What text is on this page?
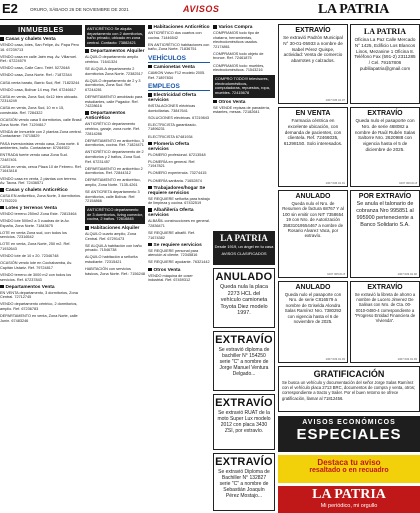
E2	ORURO, SÁBADO 26 DE NOVIEMBRE DE 2021	AVISOS	LA PATRIA
INMUEBLES
Casas y chalets Venta
VENDO casa, lotes, San Felipe, Av. Papa Pero 16. 67239713
VENDO casa en calle Jaén esq. Av. Villarroel. Ref.: 67224579
VENDO casa, Calle Caro. Teléf. 5272648
VENDO casa, Zona Norte. Ref.: 71872344
CASA venta barato, Barrio Sud, Ref. 71823244
VENDO casa, Bolívar 14 esq. Ref. 67246617
CASA en venta, Zona Sud, 6x12 bien ubicado. 72314249
CASA en venta, Zona Sud, 10 m x 15, construida. Ref. 7284322
OCASIÓN vendo casa 5 dormitorios, calle Brasil Zona Norte. Ref: 71294617
VENDA de Inmueble con 2 plantas Zona central. Contactarse: 74715829
PASA inversionistas vendo casa, Zona norte. 6 ambientes, baño. Contactarse: 67264922
ENTRADA fuerte vendo casa Zona Sud. 72487401
CASA en venta, cerca Plaza 10 de Febrero. Ref. 71643418
VENDO casa en venta, 2 plantas con terreno. Av. Tacna. Ref. 72436571
Casas y chalets Anticrético
CASA EN anticrético, Zona Norte, 3 dormitorios. 71752220
Lotes y terrenos Venta
VENDO terreno 250m2 Zona Este. 72813464
VENDO lote 500m2 a 3 cuadras de la Av. España, Zona Norte. 71843675
LOTE en venta Zona sud, con todos los servicios. 72316542
LOTE en venta, Zona Norte, 250 m2. Ref. 71932643
VENDO lote de 10 x 20. 72346748
OCASIÓN vendo lote en Cochabamba, Av. Capitán Ustariz. Ref. 79724817
VENDO terreno de 3000 m2 con todos los servicios. Ref. 67237843
Departamentos Venta
EN VENTA departamento, 3 dormitorios, Zona Central. 72712745
VENDO departamento céntrico, 2 dormitorios, amplio. Ref. 67236783
DEPARTAMENTO en venta, Zona Norte, calle Junín. 67483246
ANTICRÉTICO Se alquila departamento con 2 dormitorios, baño privado, ubicado en zona central. Contacto: 73882421
Departamentos Alquiler
ALQUILO departamento amplio céntrico. 71641324
SE ALQUILA departamento 2 dormitorios Zona Norte. 72382517
ALQUILO departamento de 2 y 3 dormitorios, Zona Sud. Ref. 67244281
DEPARTAMENTO amoblado para estudiantes, calle Pagador. Ref. 74228616
Departamentos Anticrético
ANTICRÉTICO departamento céntrico, garaje, zona norte. Ref. 72814286
DEPARTAMENTO en anticrético, 3 dormitorios, cocina. Ref. 71824471
ANTICRÉTICO departamento de 2 dormitorios y 2 baños, Zona Sud. Ref. 67231457
DEPARTAMENTO en anticrético 2 dormitorios. Ref. 72844312
DEPARTAMENTO en anticrético, amplio, Zona Norte. 7135-4261
SE ANTICRETA departamento 3 dormitorios, calle Bolívar. Ref. 72154866
ANTICRÉTICO departamento de 3 dormitorios, living comedor, cocina, 2 baños. 72616845
Habitaciones Alquiler
ALQUILO cuarto amplio, Zona Central. Ref. 67291473
SE ALQUILA habitación con baño privado. 71546738
ALQUILO habitación a señorita estudiante. 72315421
HABITACIÓN con servicios básicos, Zona Norte. Ref.: 7156248
Habitaciones Anticrético
ANTICRÉTICO dos cuartos con cocina. 71446542
EN ANTICRÉTICO habitaciones con baño, Zona Norte. 71836751
VEHÍCULOS
Camionetas Venta
CAMION Volvo F12 modelo 2005. Ref. 71897834
EMPLEOS
Electricidad Oferta servicios
INSTALACIONES eléctricas domiciliarias. 73847641
SOLUCIONES eléctricas. 67219843
ELECTRICISTA garantizado. 71896231
ELECTRICISTA 67481934
Plomería Oferta servicios
PLOMERO profesional. 67213548
PLOMERÍA en general. Ref. 71947821
PLOMERO experiencia. 73274415
PLOMERÍA sanitaria. 71652874
Trabajadores/hogar Se requiere servicios
SE REQUIERE señorita para trabajo de limpieza y cocina. 67432519
Albañilería Oferta servicios
ALBAÑIL construcciones en general. 72836471
SE REQUIERE albañil. Ref. 71674382
Se requiere servicios
SE REQUIERE personal para atención al cliente. 72345816
SE REQUIERE ayudante. 76321442
Otros Venta
VENDO máquina de coser industrial. Ref. 67459312
Varios Compra
COMPRAMOS todo tipo de chatarra, herramientas, electrodomésticos usados. 72174861
COMPRAMOS todo objeto de bronce. Ref. 72461875
COMPRAMOS todo: muebles, electrodomésticos. 71543216
COMPRO TODO!!! televisores, electrodomésticos, computadoras, repuestos, ropa, muebles. 72415678
Otros Venta
SE VENDE repisas de panadería, estantes, mesas. 72182641
LA PATRIA
Desde 1919, un ángel en tu casa
AVISOS CLASIFICADOS
ANULADO
Queda nula la placa 2273 HCL del vehículo camioneta Toyota Diez modelo 1997.
EXTRAVÍO
Se extravió diploma de bachiller N° 154250 serie "C" a nombre de Jorge Manuel Ventura Delgado...
EXTRAVÍO
Se extravió RUAT de la moto Super Lux modelo 2012 con placa 3430 ZSI, por extravío.
EXTRAVÍO
Se extravió Diploma de Bachiller N° 132827 serie "C" a nombre de Sebastián Joaquín Pérez Mostajo...
EXTRAVÍO
Se extravió Padrón Municipal N° 30-01-05933 a nombre de Isabel Pérez Quispe, actividad: Venta de comercio abarrotes y calzados.
1007 005.01.07
LA PATRIA
Oficina La Paz Calle Mercado N° 1425, Edificio Los Blancos Linos, Mezanine 1 Oficina 8. Teléfono Fax (591-2) 2311285 / Cel. 79157806 publilapatria@gmail.com
EN VENTA
Farmacia céntrica en excelente ubicación, con demanda de pacientes, con clientela. Ref. 72466035, 61298150. Solo interesados.
1007 006.01.01
EXTRAVÍO
Queda nulo el pasaporte con Nro. de serie 468082 a nombre de Raúl Rubén Salas Saltorre Nro. 2620988 con vigencia hasta el 5 de diciembre de 2025.
1007 000.01.8
ANULADO
Queda nulo el Nro. de Resumen de factura 68767 Y al 100 sin emitir con NIT 7358654 19 con Nro. de Autorización 35831019554467 a nombre de Rosario Alvarez Vaca, por extravío.
1007 005.01.8
POR EXTRAVÍO
Se anula el talonario de cobranza Nro 995851 al 995900 perteneciente a Banco Solidario S.A.
1007 003.01.02
ANULADO
Queda nulo el pasaporte con Nro. de serie C816579 a nombre de Griselda Alondra Salas Ramírez Nro. 7380292 con vigencia hasta el 6 de noviembre de 2025.
1007 003.01.03
EXTRAVÍO
Se extravió la libreta de ahorro a nombre de Lucero Jimenez De Salinas con Nro. de Cta. 00-0010-0480-4 correspondiente a "Progreso Entidad Financiera de Vivienda".
1007 002.01.03
GRATIFICACIÓN
Se busca un vehículo y documentación del señor Jorge Salas Ramírez con el vehículo placa 2713 BRC, documentos de compra y venta, otros; correspondiente a tracto y trailer. Por el buen retorno se ofrece gratificación, llamar al 71812456.
AVISOS ECONÓMICOS
ESPECIALES
Destaca tu aviso
resaltado o en recuadro
LA PATRIA
Mi periódico, mi orgullo
